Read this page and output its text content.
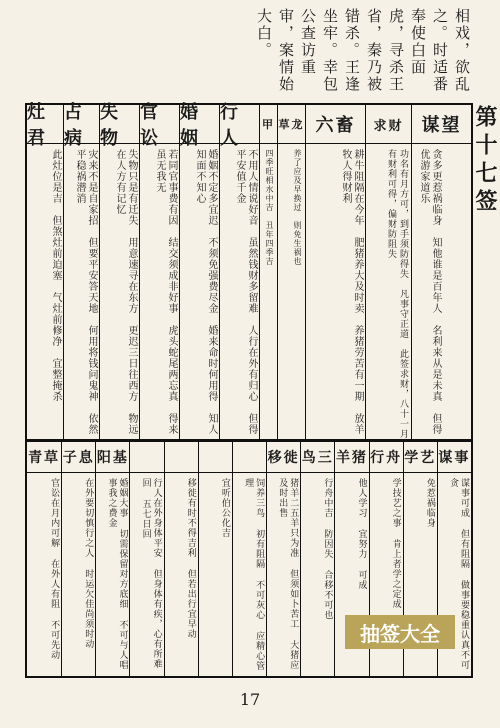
相戏，欲乱
之。时适番
奉使白面
虎，寻杀王
省，秦乃被
错杀。王逢
坐牢。幸包
公查访重
审，案情始
大白。
谋望
贪多更惹祸临身　知他谁是百年人　名利来从是未真　但得优游家道乐	第十七签
求财
功名有月方可，到手须防得失　凡事守正道　此签求财，八十一月有财利可得，偏财防阻失
六畜
耕牛阻隔在今年　肥猪养大及时卖　养猪劳苦有一期　放羊牧人得财利
草龙
养了应及早换过　则免生祸也
甲
四季旺相水中吉　丑年四季吉
行人
不用人情说好音　虽然钱财多留难　人行在外有归心　但得平安值千金
婚姻
婚姻不定多宜迟　不须免强费尽金　婚来命时何用得　知人知面不知心
官讼
若同官事费有因　结交须成非好事　虎头蛇尾两忘真　得来虽无我无
失物
失物只是有迁失　用意速寻在东方　更迟三日往西方　物远在人方有记忆
占病
灾来不是自家招　但要平安答天地　何用将钱问鬼神　依然平稳祸潜消
灶君
此灶位是吉　但煞灶前迫塞　气灶前修净　宜整掩杀
谋事
谋事可成 但有阻隔 做事要稳重认真不可贪
学艺
免惹祸临身
行舟
学技艺之事 肯上者学之定成
羊猪
他人学习 宜努力 可成
鸟三
行舟中吉 防因失 合移不可也
移徙
猪羊二五羊只为准 但须如卜苦工 大猪应及时出售
饲养三鸟 初有阻隔 不可灰心 应精心管理
宜听伯公化吉
移徙有时不得吉利 但若出行宜早动
行人在外身体平安 但身体有疾，心有所难回 五七日回
阳基
婚姻大事 切需保留对方底细 不可与人唱事我之费金
子息
在外要切慎行之人 时运欠佳尚须时动
青草
官讼在月内可解 在外人有阻 不可先动	抽签大全
17
